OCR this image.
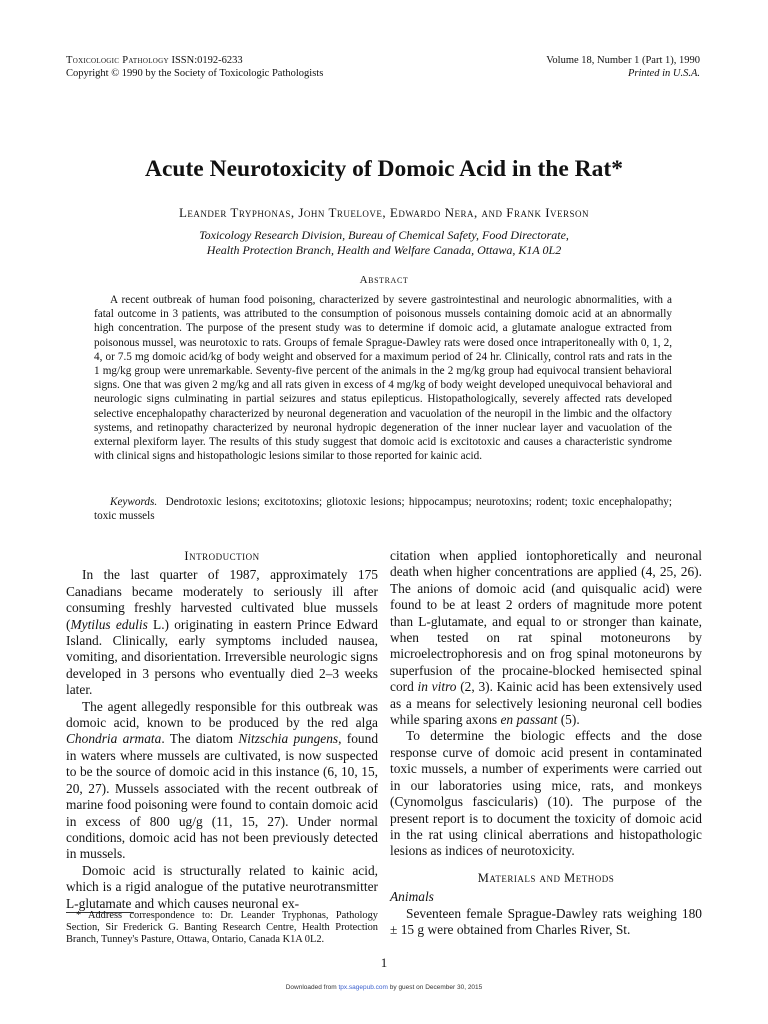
Toxicologic Pathology ISSN:0192-6233
Copyright © 1990 by the Society of Toxicologic Pathologists
Volume 18, Number 1 (Part 1), 1990
Printed in U.S.A.
Acute Neurotoxicity of Domoic Acid in the Rat*
Leander Tryphonas, John Truelove, Edwardo Nera, and Frank Iverson
Toxicology Research Division, Bureau of Chemical Safety, Food Directorate,
Health Protection Branch, Health and Welfare Canada, Ottawa, K1A 0L2
Abstract
A recent outbreak of human food poisoning, characterized by severe gastrointestinal and neurologic abnormalities, with a fatal outcome in 3 patients, was attributed to the consumption of poisonous mussels containing domoic acid at an abnormally high concentration. The purpose of the present study was to determine if domoic acid, a glutamate analogue extracted from poisonous mussel, was neurotoxic to rats. Groups of female Sprague-Dawley rats were dosed once intraperitoneally with 0, 1, 2, 4, or 7.5 mg domoic acid/kg of body weight and observed for a maximum period of 24 hr. Clinically, control rats and rats in the 1 mg/kg group were unremarkable. Seventy-five percent of the animals in the 2 mg/kg group had equivocal transient behavioral signs. One that was given 2 mg/kg and all rats given in excess of 4 mg/kg of body weight developed unequivocal behavioral and neurologic signs culminating in partial seizures and status epilepticus. Histopathologically, severely affected rats developed selective encephalopathy characterized by neuronal degeneration and vacuolation of the neuropil in the limbic and the olfactory systems, and retinopathy characterized by neuronal hydropic degeneration of the inner nuclear layer and vacuolation of the external plexiform layer. The results of this study suggest that domoic acid is excitotoxic and causes a characteristic syndrome with clinical signs and histopathologic lesions similar to those reported for kainic acid.
Keywords. Dendrotoxic lesions; excitotoxins; gliotoxic lesions; hippocampus; neurotoxins; rodent; toxic encephalopathy; toxic mussels
Introduction

In the last quarter of 1987, approximately 175 Canadians became moderately to seriously ill after consuming freshly harvested cultivated blue mussels (Mytilus edulis L.) originating in eastern Prince Edward Island. Clinically, early symptoms included nausea, vomiting, and disorientation. Irreversible neurologic signs developed in 3 persons who eventually died 2–3 weeks later.

The agent allegedly responsible for this outbreak was domoic acid, known to be produced by the red alga Chondria armata. The diatom Nitzschia pungens, found in waters where mussels are cultivated, is now suspected to be the source of domoic acid in this instance (6, 10, 15, 20, 27). Mussels associated with the recent outbreak of marine food poisoning were found to contain domoic acid in excess of 800 ug/g (11, 15, 27). Under normal conditions, domoic acid has not been previously detected in mussels.

Domoic acid is structurally related to kainic acid, which is a rigid analogue of the putative neurotransmitter L-glutamate and which causes neuronal ex-

citation when applied iontophoretically and neuronal death when higher concentrations are applied (4, 25, 26). The anions of domoic acid (and quisqualic acid) were found to be at least 2 orders of magnitude more potent than L-glutamate, and equal to or stronger than kainate, when tested on rat spinal motoneurons by microelectrophoresis and on frog spinal motoneurons by superfusion of the procaine-blocked hemisected spinal cord in vitro (2, 3). Kainic acid has been extensively used as a means for selectively lesioning neuronal cell bodies while sparing axons en passant (5).

To determine the biologic effects and the dose response curve of domoic acid present in contaminated toxic mussels, a number of experiments were carried out in our laboratories using mice, rats, and monkeys (Cynomolgus fascicularis) (10). The purpose of the present report is to document the toxicity of domoic acid in the rat using clinical aberrations and histopathologic lesions as indices of neurotoxicity.

Materials and Methods
Animals

Seventeen female Sprague-Dawley rats weighing 180 ± 15 g were obtained from Charles River, St.

* Address correspondence to: Dr. Leander Tryphonas, Pathology Section, Sir Frederick G. Banting Research Centre, Health Protection Branch, Tunney's Pasture, Ottawa, Ontario, Canada K1A 0L2.
1
Downloaded from tpx.sagepub.com by guest on December 30, 2015
